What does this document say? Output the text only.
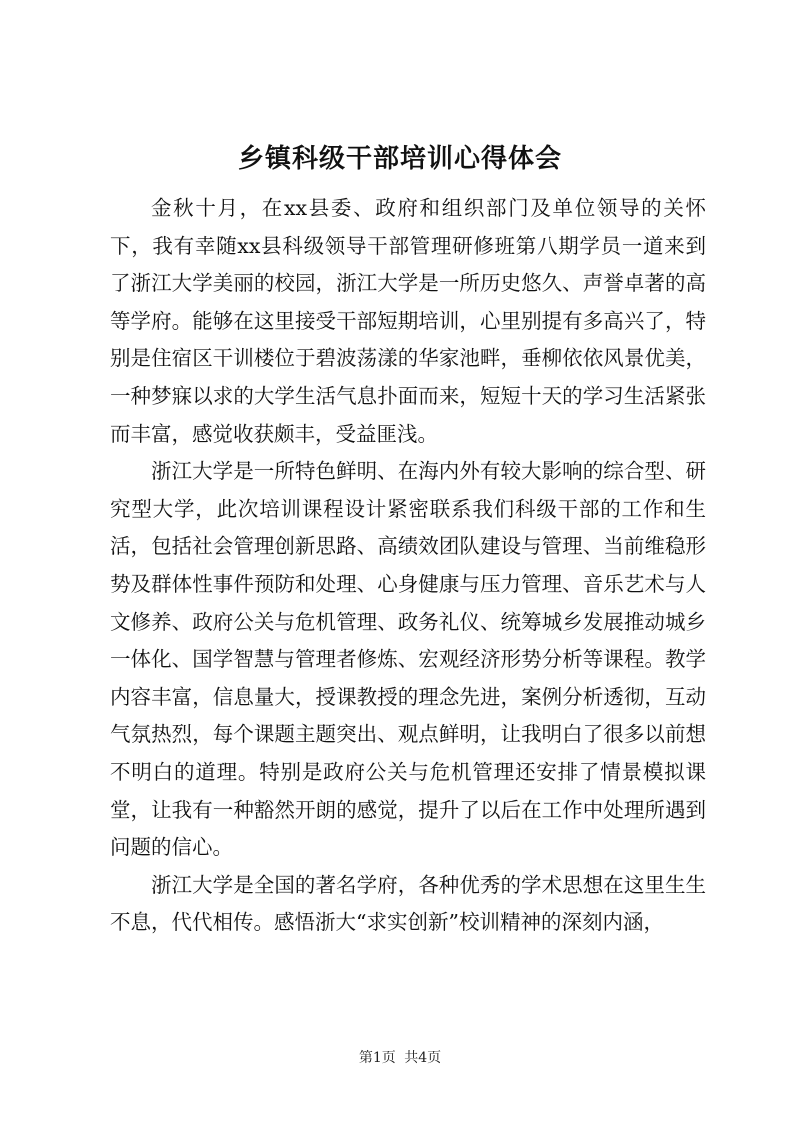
乡镇科级干部培训心得体会

金秋十月，在xx县委、政府和组织部门及单位领导的关怀下，我有幸随xx县科级领导干部管理研修班第八期学员一道来到了浙江大学美丽的校园，浙江大学是一所历史悠久、声誉卓著的高等学府。能够在这里接受干部短期培训，心里别提有多高兴了，特别是住宿区干训楼位于碧波荡漾的华家池畔，垂柳依依风景优美，一种梦寐以求的大学生活气息扑面而来，短短十天的学习生活紧张而丰富，感觉收获颇丰，受益匪浅。

浙江大学是一所特色鲜明、在海内外有较大影响的综合型、研究型大学，此次培训课程设计紧密联系我们科级干部的工作和生活，包括社会管理创新思路、高绩效团队建设与管理、当前维稳形势及群体性事件预防和处理、心身健康与压力管理、音乐艺术与人文修养、政府公关与危机管理、政务礼仪、统筹城乡发展推动城乡一体化、国学智慧与管理者修炼、宏观经济形势分析等课程。教学内容丰富，信息量大，授课教授的理念先进，案例分析透彻，互动气氛热烈，每个课题主题突出、观点鲜明，让我明白了很多以前想不明白的道理。特别是政府公关与危机管理还安排了情景模拟课堂，让我有一种豁然开朗的感觉，提升了以后在工作中处理所遇到问题的信心。

浙江大学是全国的著名学府，各种优秀的学术思想在这里生生不息，代代相传。感悟浙大“求实创新”校训精神的深刻内涵，

第1页 共4页
